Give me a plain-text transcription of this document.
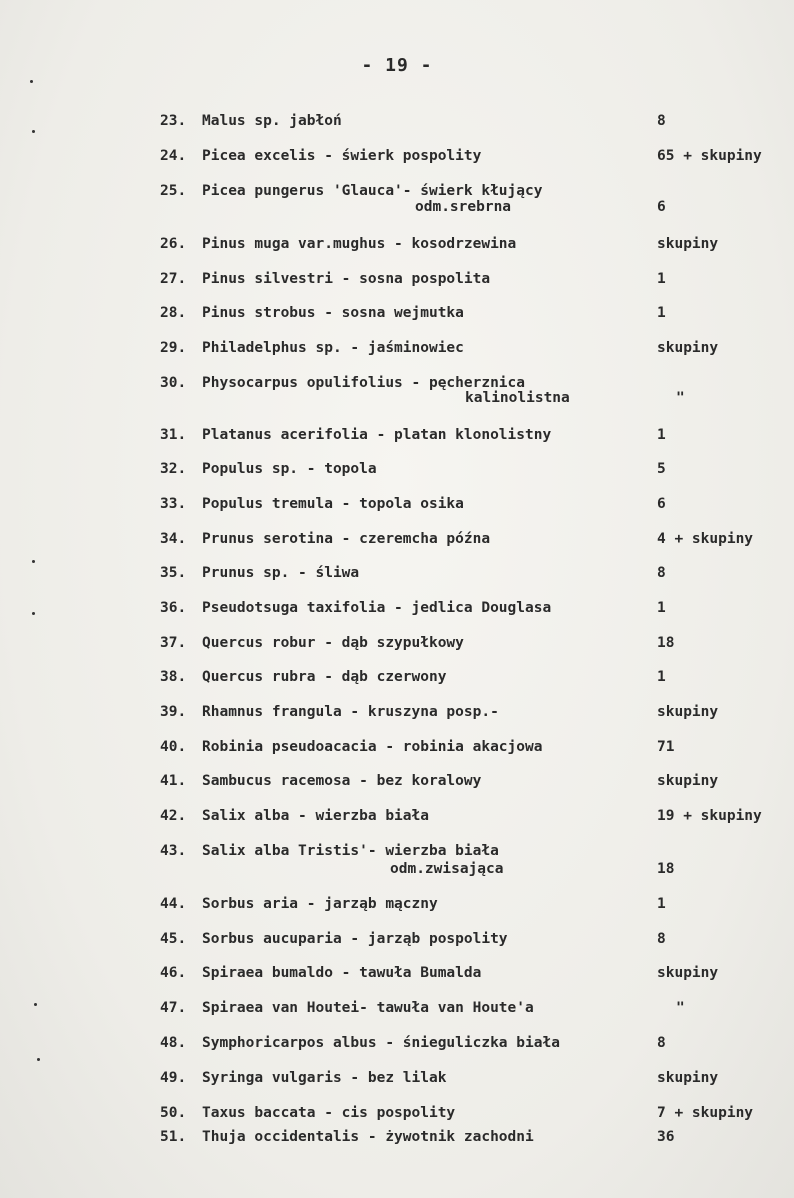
- 19 -
23. Malus sp. jabłoń	8
24. Picea excelis - świerk pospolity	65 + skupiny
25. Picea pungerus 'Glauca'- świerk kłujący
odm.srebrna	6
26. Pinus muga var.mughus - kosodrzewina	skupiny
27. Pinus silvestri - sosna pospolita	1
28. Pinus strobus - sosna wejmutka	1
29. Philadelphus sp. - jaśminowiec	skupiny
30. Physocarpus opulifolius - pęcherznica
kalinolistna	"
31. Platanus acerifolia - platan klonolistny	1
32. Populus sp. - topola	5
33. Populus tremula - topola osika	6
34. Prunus serotina - czeremcha późna	4 + skupiny
35. Prunus sp. - śliwa	8
36. Pseudotsuga taxifolia - jedlica Douglasa	1
37. Quercus robur - dąb szypułkowy	18
38. Quercus rubra - dąb czerwony	1
39. Rhamnus frangula - kruszyna posp.-	skupiny
40. Robinia pseudoacacia - robinia akacjowa	71
41. Sambucus racemosa - bez koralowy	skupiny
42. Salix alba - wierzba biała	19 + skupiny
43. Salix alba Tristis'- wierzba biała
odm.zwisająca	18
44. Sorbus aria - jarząb mączny	1
45. Sorbus aucuparia - jarząb pospolity	8
46. Spiraea bumaldo - tawuła Bumalda	skupiny
47. Spiraea van Houtei- tawuła van Houte'a	"
48. Symphoricarpos albus - śnieguliczka biała	8
49. Syringa vulgaris - bez lilak	skupiny
50. Taxus baccata - cis pospolity	7 + skupiny
51. Thuja occidentalis - żywotnik zachodni	36
